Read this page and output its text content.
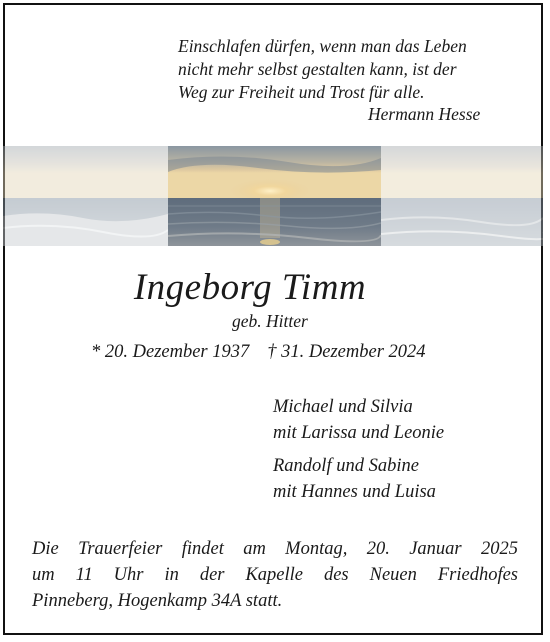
Einschlafen dürfen, wenn man das Leben
nicht mehr selbst gestalten kann, ist der
Weg zur Freiheit und Trost für alle.
Hermann Hesse
Ingeborg Timm
geb. Hitter
* 20. Dezember 1937 † 31. Dezember 2024
Michael und Silvia
mit Larissa und Leonie
Randolf und Sabine
mit Hannes und Luisa
Die Trauerfeier findet am Montag, 20. Januar 2025
um 11 Uhr in der Kapelle des Neuen Friedhofes
Pinneberg, Hogenkamp 34A statt.
